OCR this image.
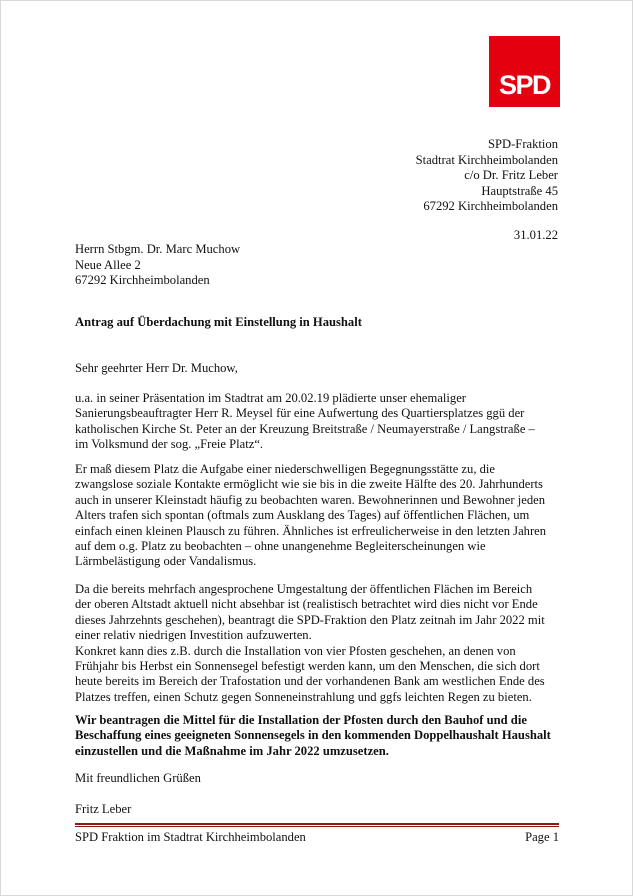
SPD
SPD-Fraktion
Stadtrat Kirchheimbolanden
c/o Dr. Fritz Leber
Hauptstraße 45
67292 Kirchheimbolanden
31.01.22
Herrn Stbgm. Dr. Marc Muchow
Neue Allee 2
67292 Kirchheimbolanden
Antrag auf Überdachung mit Einstellung in Haushalt
Sehr geehrter Herr Dr. Muchow,
u.a. in seiner Präsentation im Stadtrat am 20.02.19 plädierte unser ehemaliger
Sanierungsbeauftragter Herr R. Meysel für eine Aufwertung des Quartiersplatzes ggü der
katholischen Kirche St. Peter an der Kreuzung Breitstraße / Neumayerstraße / Langstraße –
im Volksmund der sog. „Freie Platz“.
Er maß diesem Platz die Aufgabe einer niederschwelligen Begegnungsstätte zu, die
zwangslose soziale Kontakte ermöglicht wie sie bis in die zweite Hälfte des 20. Jahrhunderts
auch in unserer Kleinstadt häufig zu beobachten waren. Bewohnerinnen und Bewohner jeden
Alters trafen sich spontan (oftmals zum Ausklang des Tages) auf öffentlichen Flächen, um
einfach einen kleinen Plausch zu führen. Ähnliches ist erfreulicherweise in den letzten Jahren
auf dem o.g. Platz zu beobachten – ohne unangenehme Begleiterscheinungen wie
Lärmbelästigung oder Vandalismus.
Da die bereits mehrfach angesprochene Umgestaltung der öffentlichen Flächen im Bereich
der oberen Altstadt aktuell nicht absehbar ist (realistisch betrachtet wird dies nicht vor Ende
dieses Jahrzehnts geschehen), beantragt die SPD-Fraktion den Platz zeitnah im Jahr 2022 mit
einer relativ niedrigen Investition aufzuwerten.
Konkret kann dies z.B. durch die Installation von vier Pfosten geschehen, an denen von
Frühjahr bis Herbst ein Sonnensegel befestigt werden kann, um den Menschen, die sich dort
heute bereits im Bereich der Trafostation und der vorhandenen Bank am westlichen Ende des
Platzes treffen, einen Schutz gegen Sonneneinstrahlung und ggfs leichten Regen zu bieten.
Wir beantragen die Mittel für die Installation der Pfosten durch den Bauhof und die
Beschaffung eines geeigneten Sonnensegels in den kommenden Doppelhaushalt Haushalt
einzustellen und die Maßnahme im Jahr 2022 umzusetzen.
Mit freundlichen Grüßen
Fritz Leber
SPD Fraktion im Stadtrat Kirchheimbolanden	Page 1
